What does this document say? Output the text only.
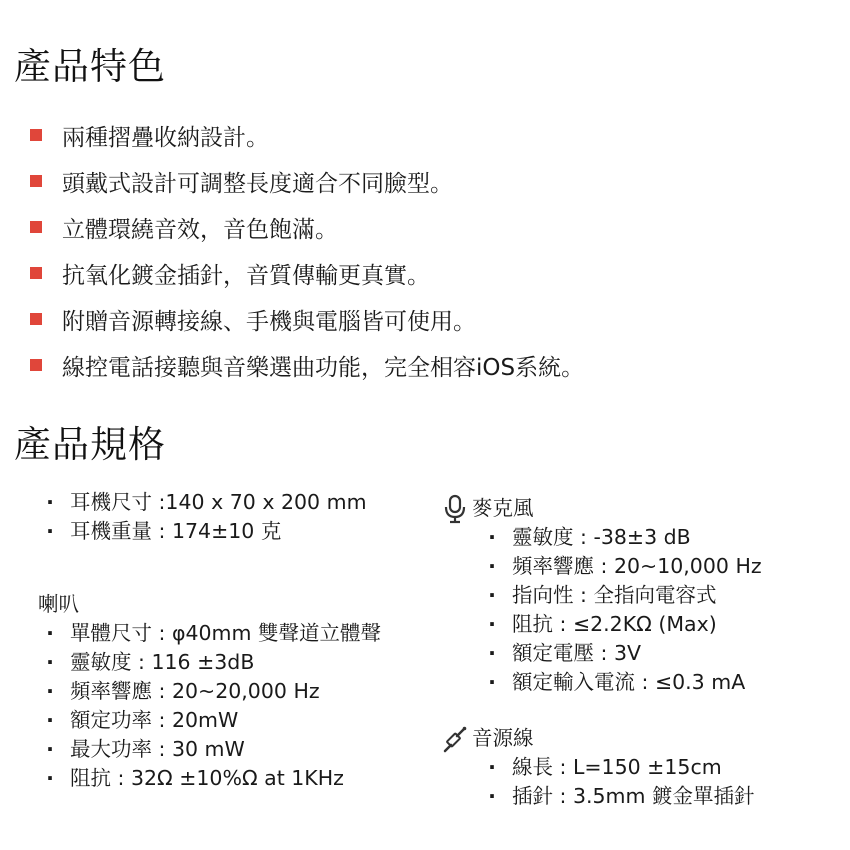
產品特色
兩種摺疊收納設計。
頭戴式設計可調整長度適合不同臉型。
立體環繞音效，音色飽滿。
抗氧化鍍金插針，音質傳輸更真實。
附贈音源轉接線、手機與電腦皆可使用。
線控電話接聽與音樂選曲功能，完全相容iOS系統。
產品規格
· 耳機尺寸 :140 x 70 x 200 mm
· 耳機重量 : 174±10 克
喇叭
· 單體尺寸 : φ40mm 雙聲道立體聲
· 靈敏度 : 116 ±3dB
· 頻率響應 : 20~20,000 Hz
· 額定功率 : 20mW
· 最大功率 : 30 mW
· 阻抗 : 32Ω ±10%Ω at 1KHz
麥克風
· 靈敏度 : -38±3 dB
· 頻率響應 : 20~10,000 Hz
· 指向性 : 全指向電容式
· 阻抗 : ≤2.2KΩ (Max)
· 額定電壓 : 3V
· 額定輸入電流 : ≤0.3 mA
音源線
· 線長 : L=150 ±15cm
· 插針 : 3.5mm 鍍金單插針
